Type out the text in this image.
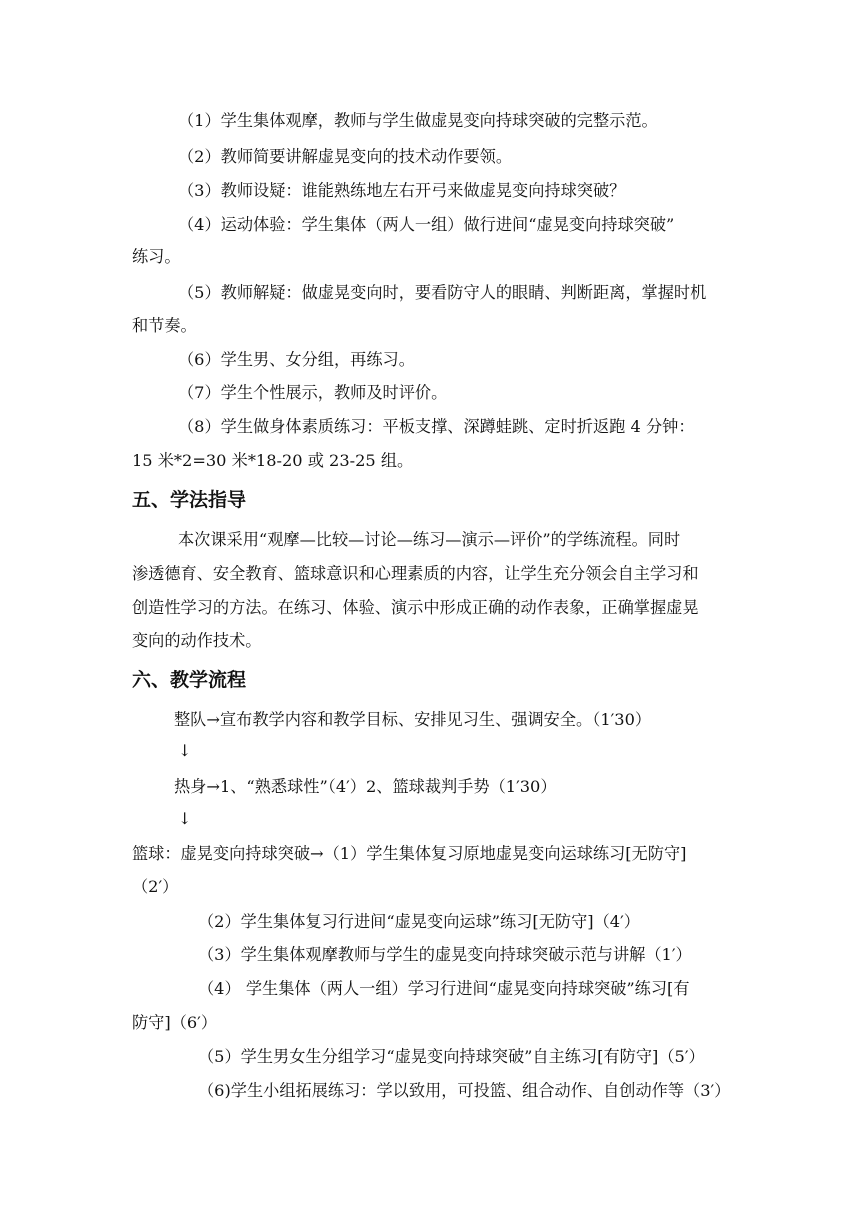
（1）学生集体观摩，教师与学生做虚晃变向持球突破的完整示范。

（2）教师简要讲解虚晃变向的技术动作要领。

（3）教师设疑：谁能熟练地左右开弓来做虚晃变向持球突破？

（4）运动体验：学生集体（两人一组）做行进间“虚晃变向持球突破”

练习。

（5）教师解疑：做虚晃变向时，要看防守人的眼睛、判断距离，掌握时机

和节奏。

（6）学生男、女分组，再练习。

（7）学生个性展示，教师及时评价。

（8）学生做身体素质练习：平板支撑、深蹲蛙跳、定时折返跑 4 分钟：

15 米*2=30 米*18-20 或 23-25 组。

五、学法指导

本次课采用“观摩—比较—讨论—练习—演示—评价”的学练流程。同时

渗透德育、安全教育、篮球意识和心理素质的内容，让学生充分领会自主学习和

创造性学习的方法。在练习、体验、演示中形成正确的动作表象，正确掌握虚晃

变向的动作技术。

六、教学流程

整队→宣布教学内容和教学目标、安排见习生、强调安全。（1′30）

↓

热身→1、“熟悉球性”（4′）2、篮球裁判手势（1′30）

↓

篮球：虚晃变向持球突破→（1）学生集体复习原地虚晃变向运球练习[无防守]

（2′）

（2）学生集体复习行进间“虚晃变向运球”练习[无防守]（4′）

（3）学生集体观摩教师与学生的虚晃变向持球突破示范与讲解（1′）

（4） 学生集体（两人一组）学习行进间“虚晃变向持球突破”练习[有

防守]（6′）

（5）学生男女生分组学习“虚晃变向持球突破”自主练习[有防守]（5′）

（6)学生小组拓展练习：学以致用，可投篮、组合动作、自创动作等（3′）
